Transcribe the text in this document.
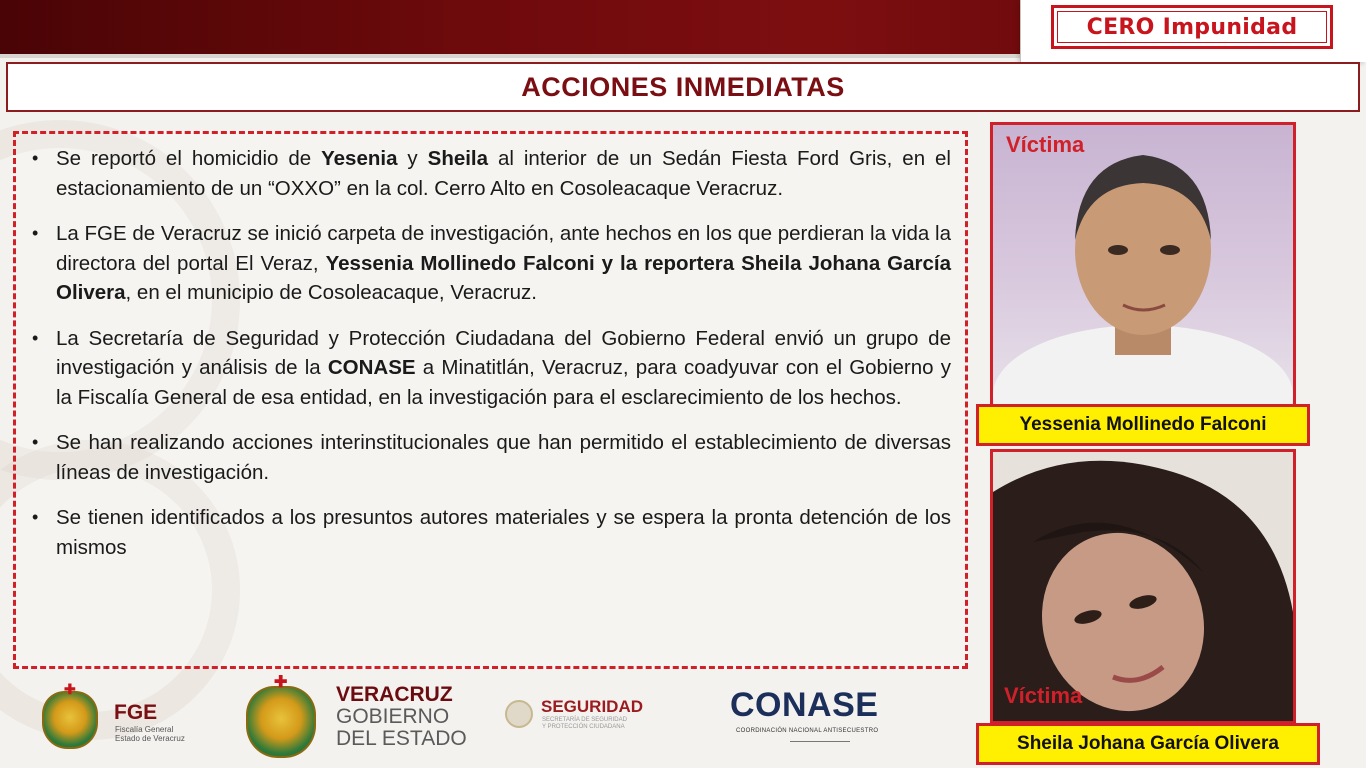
CERO Impunidad
ACCIONES INMEDIATAS
• Se reportó el homicidio de Yesenia y Sheila al interior de un Sedán Fiesta Ford Gris, en el estacionamiento de un “OXXO” en la col. Cerro Alto en Cosoleacaque Veracruz.
• La FGE de Veracruz se inició carpeta de investigación, ante hechos en los que perdieran la vida la directora del portal El Veraz, Yessenia Mollinedo Falconi y la reportera Sheila Johana García Olivera, en el municipio de Cosoleacaque, Veracruz.
• La Secretaría de Seguridad y Protección Ciudadana del Gobierno Federal envió un grupo de investigación y análisis de la CONASE a Minatitlán, Veracruz, para coadyuvar con el Gobierno y la Fiscalía General de esa entidad, en la investigación para el esclarecimiento de los hechos.
• Se han realizando acciones interinstitucionales que han permitido el establecimiento de diversas líneas de investigación.
• Se tienen identificados a los presuntos autores materiales y se espera la pronta detención de los mismos
Víctima
Yessenia Mollinedo Falconi
Víctima
Sheila Johana García Olivera
✚
FGE
Fiscalía General
Estado de Veracruz
✚
VERACRUZ
GOBIERNO
DEL ESTADO
SEGURIDAD
SECRETARÍA DE SEGURIDAD
Y PROTECCIÓN CIUDADANA
CONASE
COORDINACIÓN NACIONAL ANTISECUESTRO
